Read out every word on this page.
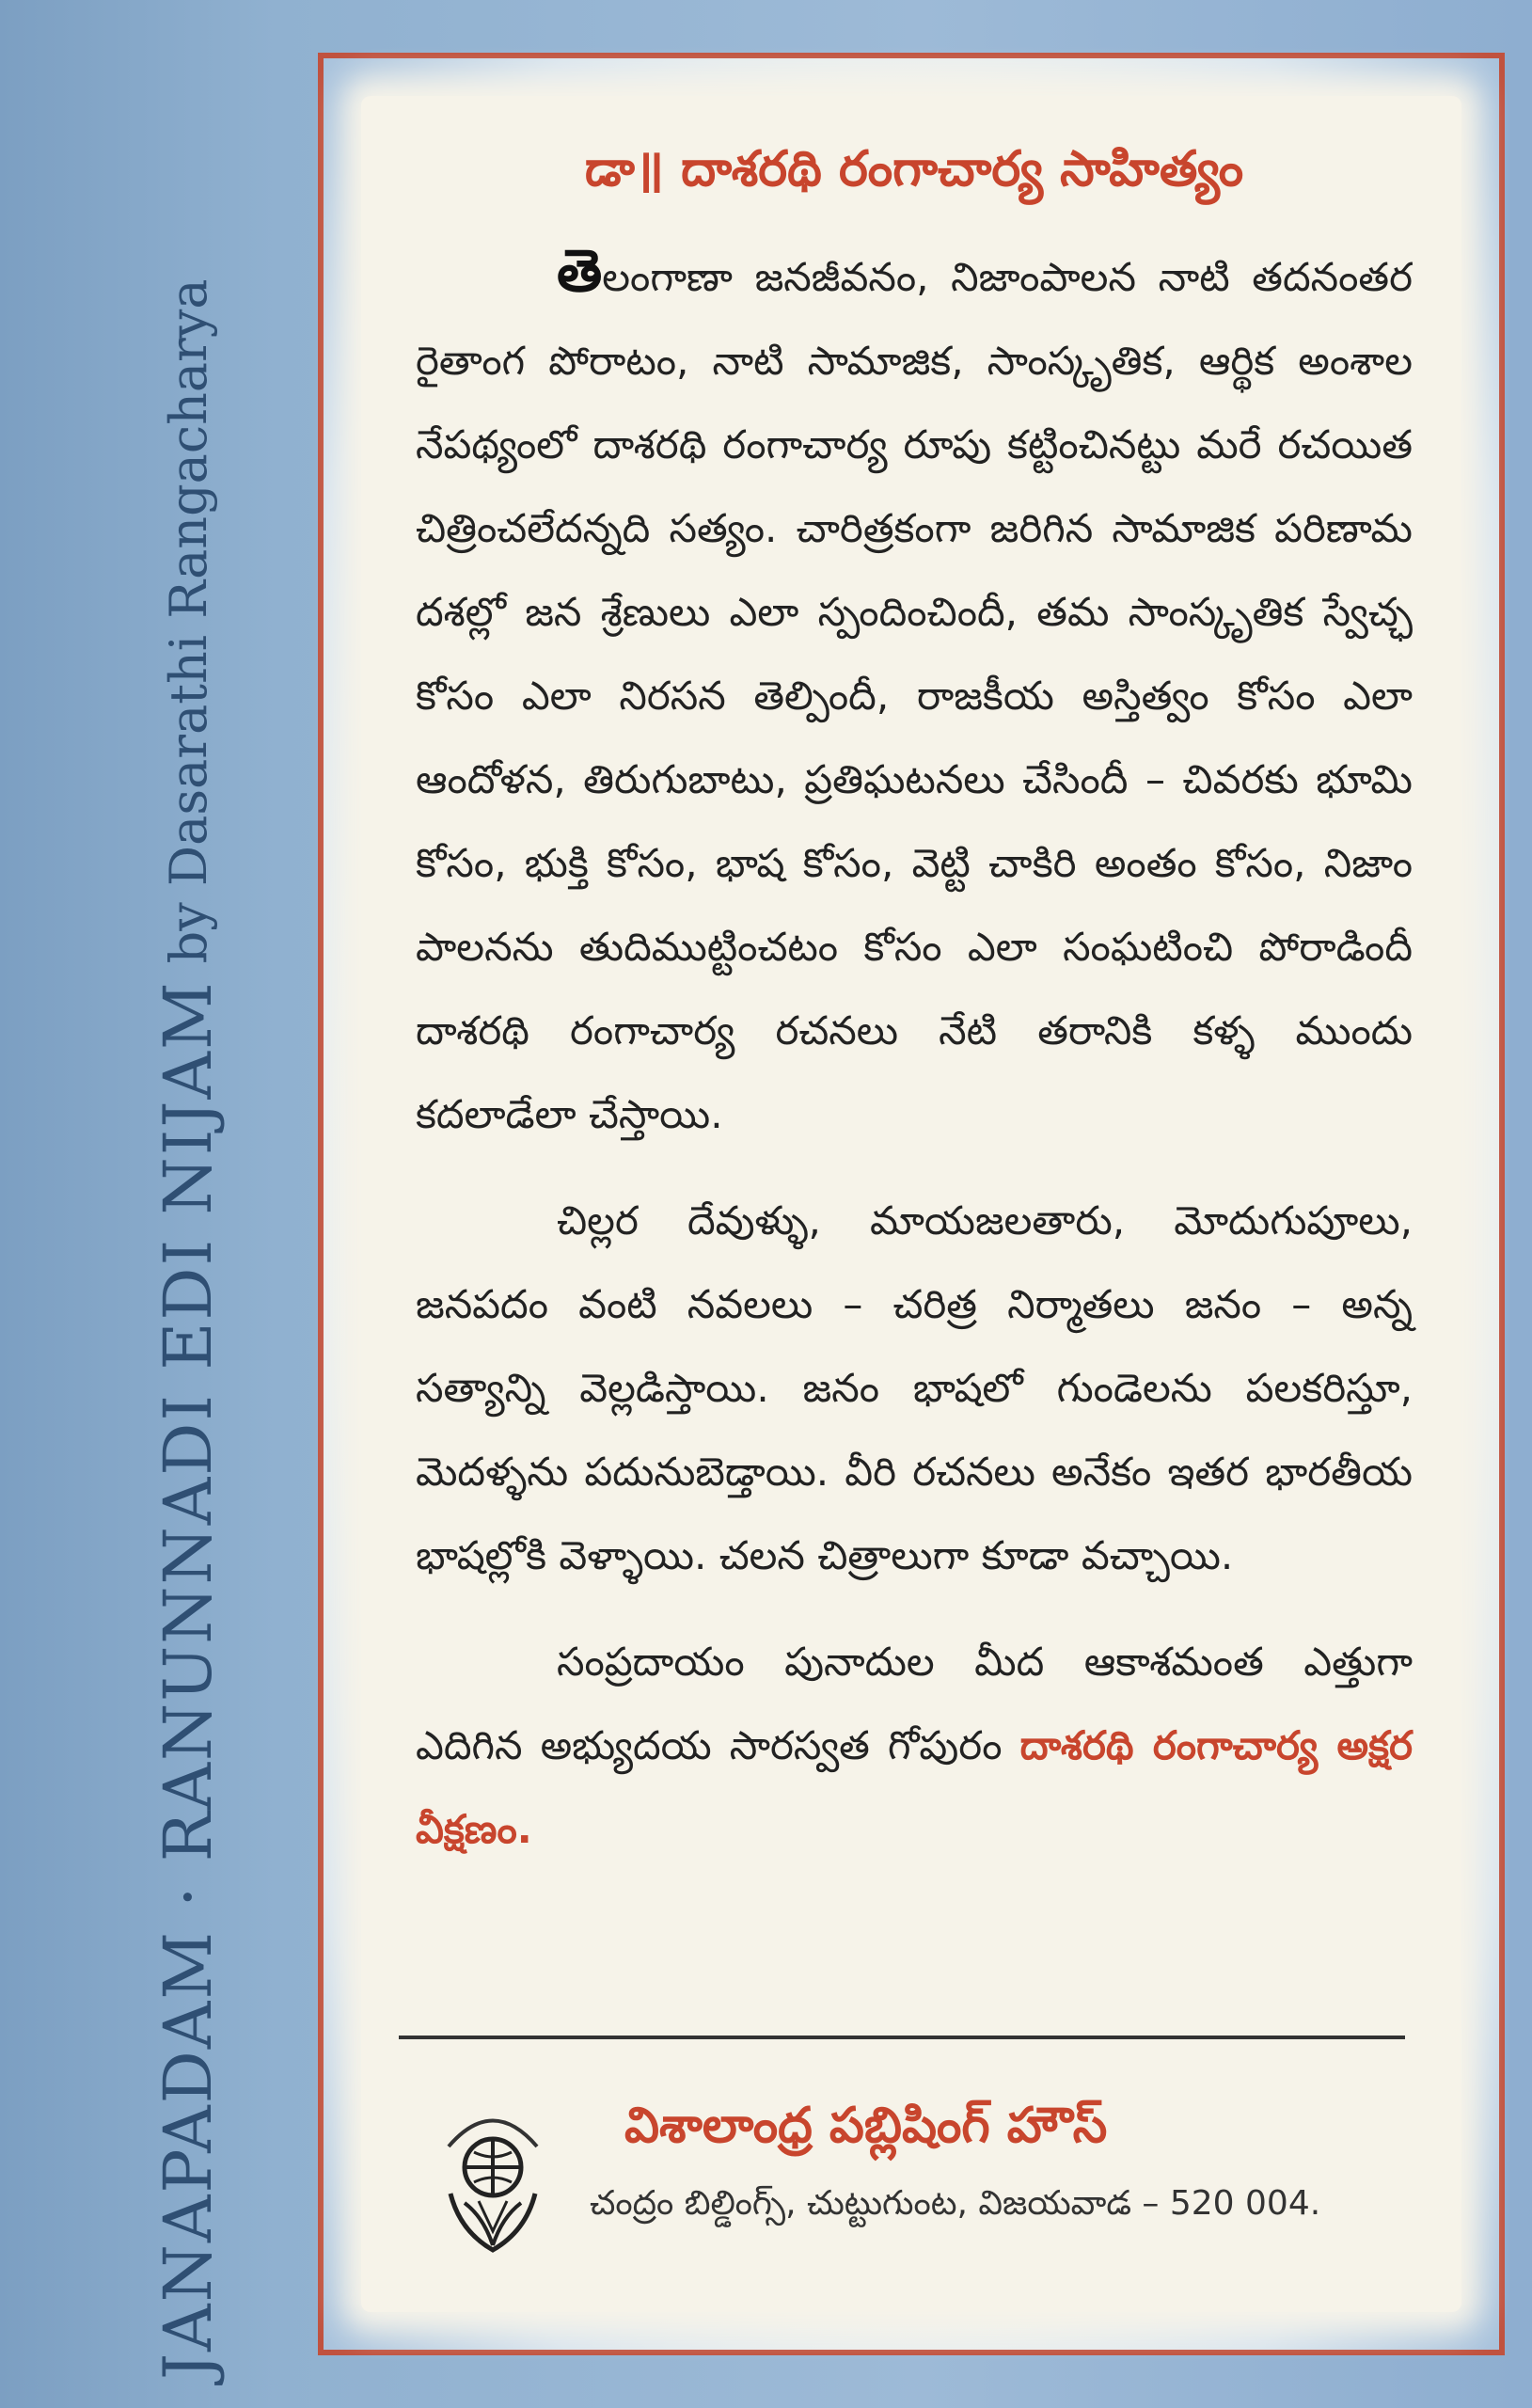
JANAPADAM · RANUNNADI EDI NIJAM
by Dasarathi Rangacharya
డా॥ దాశరథి రంగాచార్య సాహిత్యం

తెలంగాణా జనజీవనం, నిజాంపాలన నాటి తదనంతర రైతాంగ పోరాటం, నాటి సామాజిక, సాంస్కృతిక, ఆర్థిక అంశాల నేపథ్యంలో దాశరథి రంగాచార్య రూపు కట్టించినట్టు మరే రచయిత చిత్రించలేదన్నది సత్యం. చారిత్రకంగా జరిగిన సామాజిక పరిణామ దశల్లో జన శ్రేణులు ఎలా స్పందించిందీ, తమ సాంస్కృతిక స్వేచ్ఛ కోసం ఎలా నిరసన తెల్పిందీ, రాజకీయ అస్తిత్వం కోసం ఎలా ఆందోళన, తిరుగుబాటు, ప్రతిఘటనలు చేసిందీ – చివరకు భూమి కోసం, భుక్తి కోసం, భాష కోసం, వెట్టి చాకిరి అంతం కోసం, నిజాం పాలనను తుదిముట్టించటం కోసం ఎలా సంఘటించి పోరాడిందీ దాశరథి రంగాచార్య రచనలు నేటి తరానికి కళ్ళ ముందు కదలాడేలా చేస్తాయి.

చిల్లర దేవుళ్ళు, మాయజలతారు, మోదుగుపూలు, జనపదం వంటి నవలలు – చరిత్ర నిర్మాతలు జనం – అన్న సత్యాన్ని వెల్లడిస్తాయి. జనం భాషలో గుండెలను పలకరిస్తూ, మెదళ్ళను పదునుబెడ్తాయి. వీరి రచనలు అనేకం ఇతర భారతీయ భాషల్లోకి వెళ్ళాయి. చలన చిత్రాలుగా కూడా వచ్చాయి.

సంప్రదాయం పునాదుల మీద ఆకాశమంత ఎత్తుగా ఎదిగిన అభ్యుదయ సారస్వత గోపురం దాశరథి రంగాచార్య అక్షర వీక్షణం.

విశాలాంధ్ర పబ్లిషింగ్ హౌస్
చంద్రం బిల్డింగ్స్, చుట్టుగుంట, విజయవాడ – 520 004.
